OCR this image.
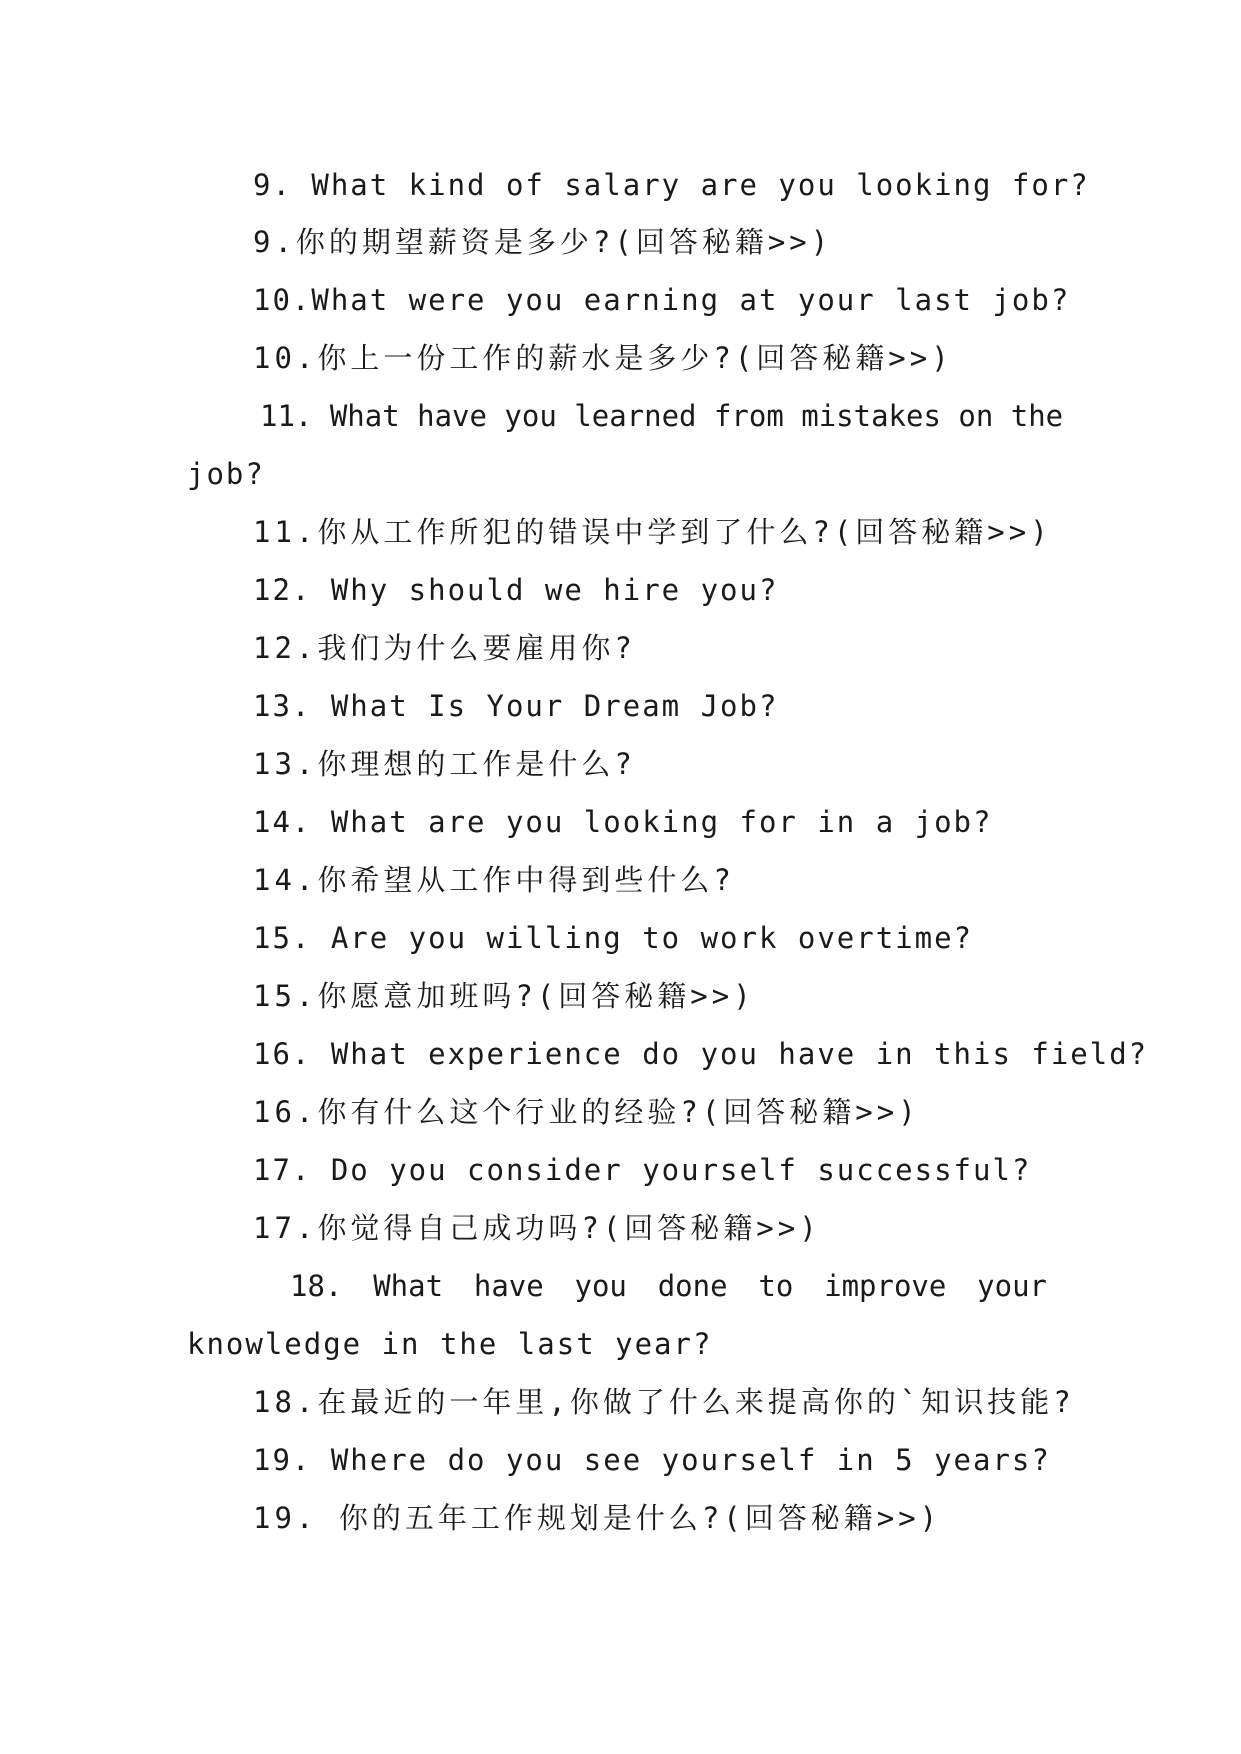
9. What kind of salary are you looking for?
9.你的期望薪资是多少?(回答秘籍>>)
10.What were you earning at your last job?
10.你上一份工作的薪水是多少?(回答秘籍>>)
11. What have you learned from mistakes on the
job?
11.你从工作所犯的错误中学到了什么?(回答秘籍>>)
12. Why should we hire you?
12.我们为什么要雇用你?
13. What Is Your Dream Job?
13.你理想的工作是什么?
14. What are you looking for in a job?
14.你希望从工作中得到些什么?
15. Are you willing to work overtime?
15.你愿意加班吗?(回答秘籍>>)
16. What experience do you have in this field?
16.你有什么这个行业的经验?(回答秘籍>>)
17. Do you consider yourself successful?
17.你觉得自己成功吗?(回答秘籍>>)
18. What have you done to improve your
knowledge in the last year?
18.在最近的一年里,你做了什么来提高你的`知识技能?
19. Where do you see yourself in 5 years?
19. 你的五年工作规划是什么?(回答秘籍>>)
